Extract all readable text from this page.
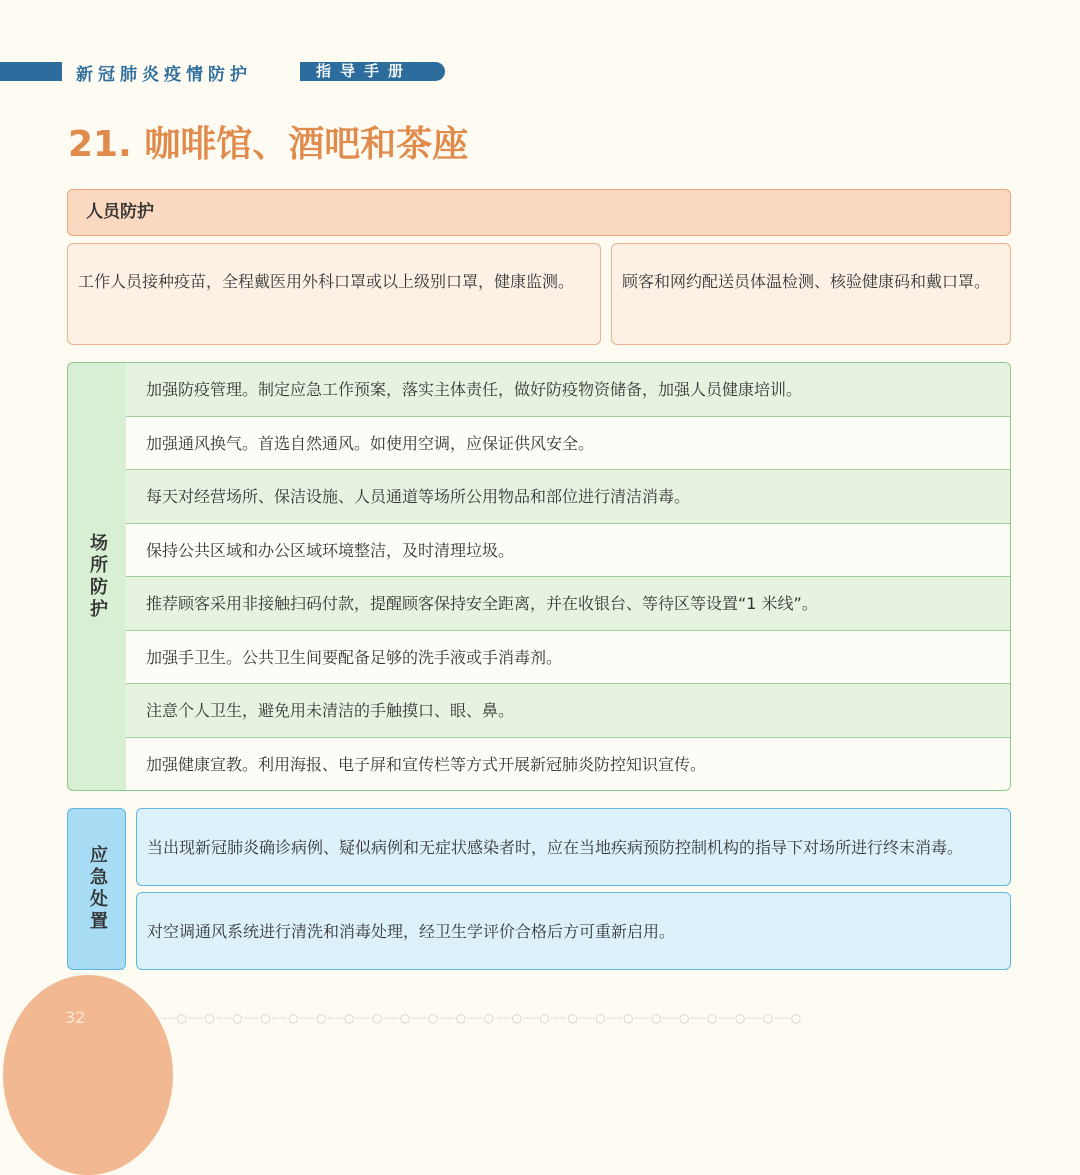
新冠肺炎疫情防护	指导手册
21. 咖啡馆、酒吧和茶座
人员防护
工作人员接种疫苗，全程戴医用外科口罩或以上级别口罩，健康监测。	顾客和网约配送员体温检测、核验健康码和戴口罩。
场所防护
加强防疫管理。制定应急工作预案，落实主体责任，做好防疫物资储备，加强人员健康培训。
加强通风换气。首选自然通风。如使用空调，应保证供风安全。
每天对经营场所、保洁设施、人员通道等场所公用物品和部位进行清洁消毒。
保持公共区域和办公区域环境整洁，及时清理垃圾。
推荐顾客采用非接触扫码付款，提醒顾客保持安全距离，并在收银台、等待区等设置“1 米线”。
加强手卫生。公共卫生间要配备足够的洗手液或手消毒剂。
注意个人卫生，避免用未清洁的手触摸口、眼、鼻。
加强健康宣教。利用海报、电子屏和宣传栏等方式开展新冠肺炎防控知识宣传。
应急处置	当出现新冠肺炎确诊病例、疑似病例和无症状感染者时，应在当地疾病预防控制机构的指导下对场所进行终末消毒。
对空调通风系统进行清洗和消毒处理，经卫生学评价合格后方可重新启用。
32	┈┈○┈┈○┈┈○┈┈○┈┈○┈┈○┈┈○┈┈○┈┈○┈┈○┈┈○┈┈○┈┈○┈┈○┈┈○┈┈○┈┈○┈┈○┈┈○┈┈○┈┈○┈┈○┈┈○
